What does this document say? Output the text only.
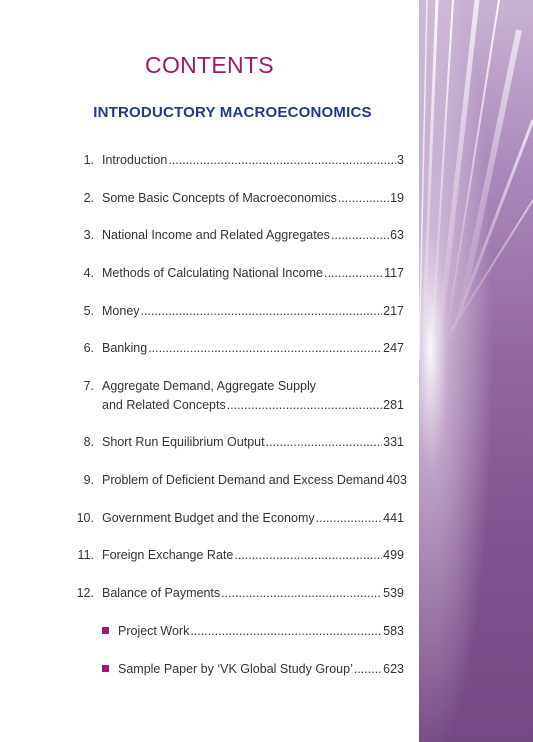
CONTENTS
INTRODUCTORY MACROECONOMICS
1. Introduction .....	3
2. Some Basic Concepts of Macroeconomics .....	19
3. National Income and Related Aggregates .....	63
4. Methods of Calculating National Income .....	117
5. Money .....	217
6. Banking .....	247
7. Aggregate Demand, Aggregate Supply
and Related Concepts .....	281
8. Short Run Equilibrium Output .....	331
9. Problem of Deficient Demand and Excess Demand 403
10. Government Budget and the Economy .....	441
11. Foreign Exchange Rate .....	499
12. Balance of Payments .....	539
Project Work .....	583
Sample Paper by ‘VK Global Study Group’ ..... 623
